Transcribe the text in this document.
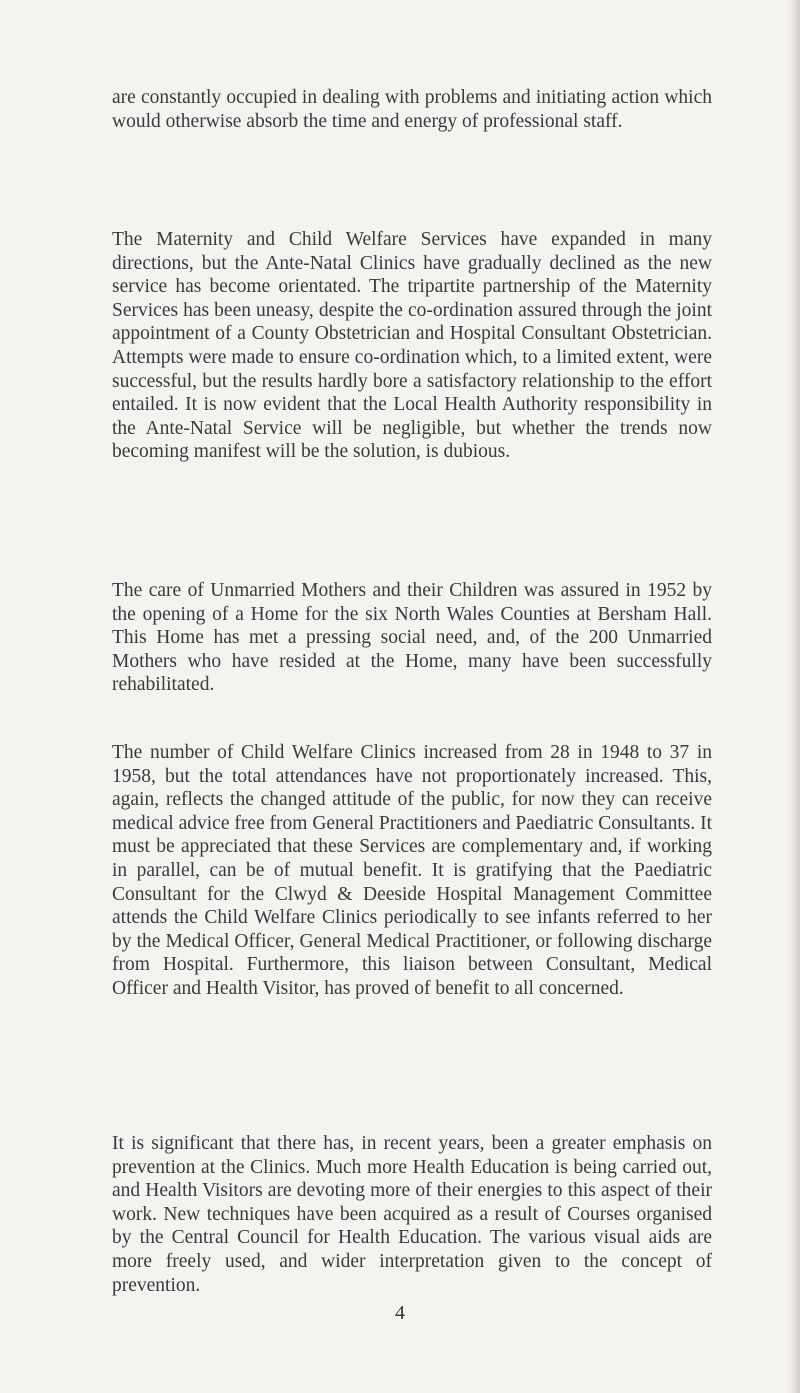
are constantly occupied in dealing with problems and initiating action which would otherwise absorb the time and energy of professional staff.

The Maternity and Child Welfare Services have expanded in many directions, but the Ante-Natal Clinics have gradually declined as the new service has become orientated. The tripartite partnership of the Maternity Services has been uneasy, despite the co-ordination assured through the joint appointment of a County Obstetrician and Hospital Consultant Obstetrician. Attempts were made to ensure co-ordination which, to a limited extent, were successful, but the results hardly bore a satisfactory relationship to the effort entailed. It is now evident that the Local Health Authority responsibility in the Ante-Natal Service will be negligible, but whether the trends now becoming manifest will be the solution, is dubious.

The care of Unmarried Mothers and their Children was assured in 1952 by the opening of a Home for the six North Wales Counties at Bersham Hall. This Home has met a pressing social need, and, of the 200 Unmarried Mothers who have resided at the Home, many have been successfully rehabilitated.

The number of Child Welfare Clinics increased from 28 in 1948 to 37 in 1958, but the total attendances have not proportionately increased. This, again, reflects the changed attitude of the public, for now they can receive medical advice free from General Practitioners and Paediatric Consultants. It must be appreciated that these Services are complementary and, if working in parallel, can be of mutual benefit. It is gratifying that the Paediatric Consultant for the Clwyd & Deeside Hospital Management Committee attends the Child Welfare Clinics periodically to see infants referred to her by the Medical Officer, General Medical Practitioner, or following discharge from Hospital. Furthermore, this liaison between Consultant, Medical Officer and Health Visitor, has proved of benefit to all concerned.

It is significant that there has, in recent years, been a greater emphasis on prevention at the Clinics. Much more Health Education is being carried out, and Health Visitors are devoting more of their energies to this aspect of their work. New techniques have been acquired as a result of Courses organised by the Central Council for Health Education. The various visual aids are more freely used, and wider interpretation given to the concept of prevention.

4
